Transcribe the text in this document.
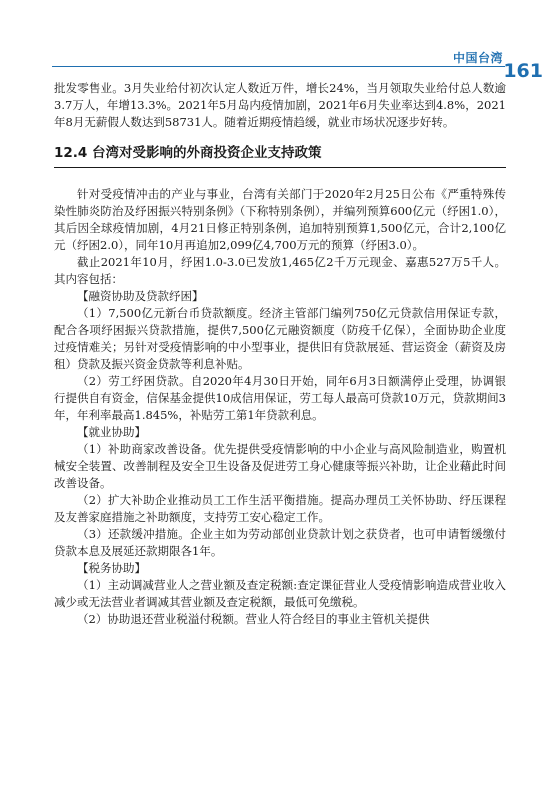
中国台湾
161

批发零售业。3月失业给付初次认定人数近万件，增长24%，当月领取失业给付总人数逾3.7万人，年增13.3%。2021年5月岛内疫情加剧，2021年6月失业率达到4.8%，2021年8月无薪假人数达到58731人。随着近期疫情趋缓，就业市场状况逐步好转。

12.4 台湾对受影响的外商投资企业支持政策

针对受疫情冲击的产业与事业，台湾有关部门于2020年2月25日公布《严重特殊传染性肺炎防治及纾困振兴特别条例》（下称特别条例），并编列预算600亿元（纾困1.0），其后因全球疫情加剧，4月21日修正特别条例，追加特别预算1,500亿元，合计2,100亿元（纾困2.0），同年10月再追加2,099亿4,700万元的预算（纾困3.0）。

截止2021年10月，纾困1.0-3.0已发放1,465亿2千万元现金、嘉惠527万5千人。其内容包括：

【融资协助及贷款纾困】

（1）7,500亿元新台币贷款额度。经济主管部门编列750亿元贷款信用保证专款，配合各项纾困振兴贷款措施，提供7,500亿元融资额度（防疫千亿保），全面协助企业度过疫情难关；另针对受疫情影响的中小型事业，提供旧有贷款展延、营运资金（薪资及房租）贷款及振兴资金贷款等利息补贴。

（2）劳工纾困贷款。自2020年4月30日开始，同年6月3日额满停止受理，协调银行提供自有资金，信保基金提供10成信用保证，劳工每人最高可贷款10万元，贷款期间3年，年利率最高1.845%，补贴劳工第1年贷款利息。

【就业协助】

（1）补助商家改善设备。优先提供受疫情影响的中小企业与高风险制造业，购置机械安全装置、改善制程及安全卫生设备及促进劳工身心健康等振兴补助，让企业藉此时间改善设备。

（2）扩大补助企业推动员工工作生活平衡措施。提高办理员工关怀协助、纾压课程及友善家庭措施之补助额度，支持劳工安心稳定工作。

（3）还款缓冲措施。企业主如为劳动部创业贷款计划之获贷者，也可申请暂缓缴付贷款本息及展延还款期限各1年。

【税务协助】

（1）主动调减营业人之营业额及查定税额:查定课征营业人受疫情影响造成营业收入减少或无法营业者调减其营业额及查定税额，最低可免缴税。

（2）协助退还营业税溢付税额。营业人符合经目的事业主管机关提供
